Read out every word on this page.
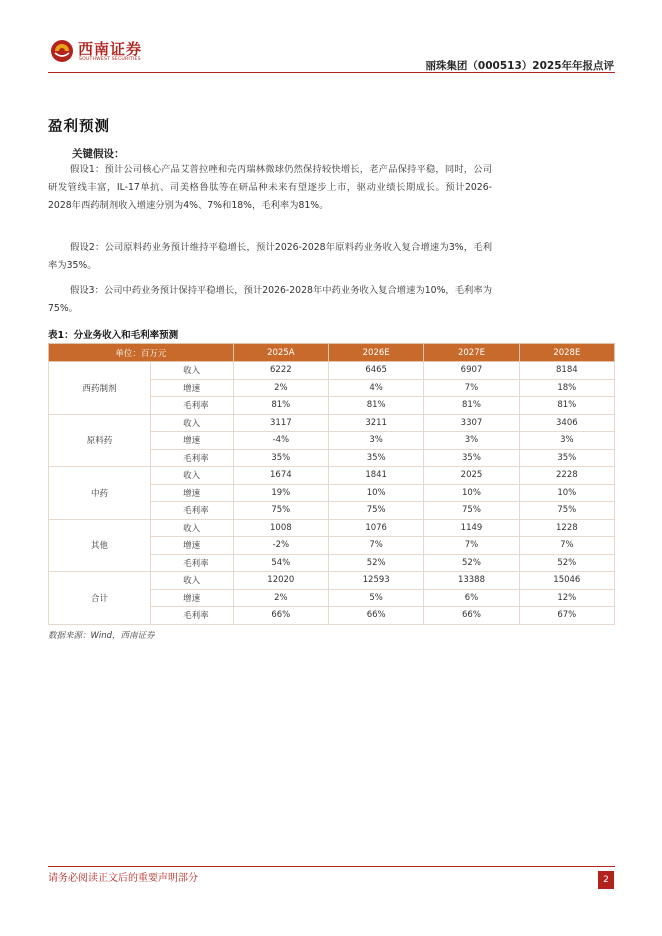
西南证券
SOUTHWEST SECURITIES
丽珠集团（000513）2025年年报点评
盈利预测
关键假设：

假设1：预计公司核心产品艾普拉唑和壳丙瑞林微球仍然保持较快增长，老产品保持平稳，同时，公司研发管线丰富，IL-17单抗、司美格鲁肽等在研品种未来有望逐步上市，驱动业绩长期成长。预计2026-2028年西药制剂收入增速分别为4%、7%和18%，毛利率为81%。

假设2：公司原料药业务预计维持平稳增长，预计2026-2028年原料药业务收入复合增速为3%，毛利率为35%。

假设3：公司中药业务预计保持平稳增长，预计2026-2028年中药业务收入复合增速为10%，毛利率为75%。

表1：分业务收入和毛利率预测
单位：百万元		2025A	2026E	2027E	2028E
西药制剂	收入	6222	6465	6907	8184
	增速	2%	4%	7%	18%
	毛利率	81%	81%	81%	81%
原料药	收入	3117	3211	3307	3406
	增速	-4%	3%	3%	3%
	毛利率	35%	35%	35%	35%
中药	收入	1674	1841	2025	2228
	增速	19%	10%	10%	10%
	毛利率	75%	75%	75%	75%
其他	收入	1008	1076	1149	1228
	增速	-2%	7%	7%	7%
	毛利率	54%	52%	52%	52%
合计	收入	12020	12593	13388	15046
	增速	2%	5%	6%	12%
	毛利率	66%	66%	66%	67%
数据来源：Wind，西南证券
请务必阅读正文后的重要声明部分	2
